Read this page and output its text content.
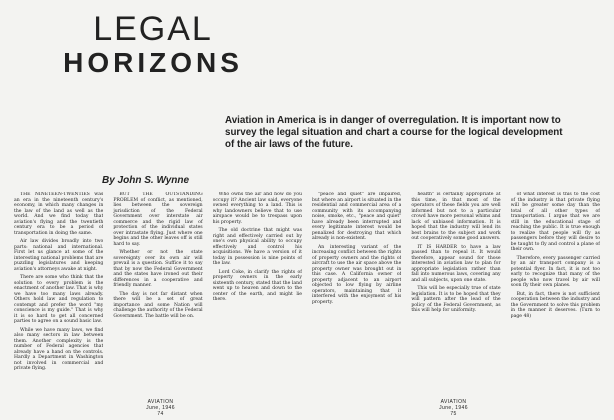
LEGAL
HORIZONS
Aviation in America is in danger of overregulation. It is important now to survey the legal situation and chart a course for the logical development of the air laws of the future.
By John S. Wynne

THE NINETEEN-TWENTIES was an era in the nineteenth century's economy, in which many changes in the law of the land as well as the world. And we find today that aviation's flying and the twentieth century era to be a period of transportation in doing the same.

Air law divides broadly into two parts: national and international. First let us glance at some of the interesting national problems that are puzzling legislatures and keeping aviation's attorneys awake at night.

There are some who think that the solution to every problem is the enactment of another law. That is why we have too many laws already. Others hold law and regulation to contempt and prefer the word "my conscience is my guide." That is why it is so hard to get all concerned parties to agree on a sound basic law.

While we have many laws, we find also many sectors in law between them. Another complexity is the number of Federal agencies that already have a hand on the controls. Hardly a Department in Washington not involved in commercial and private flying.

BUT THE OUTSTANDING PROBLEM of conflict, as mentioned, lies between the sovereign jurisdiction of the Federal Government over interstate air commerce and the rigid law of protection of the individual states over intrastate flying. Just where one begins and the other leaves off is still hard to say.

Whether or not the state sovereignty over its own air will prevail is a question. Suffice it to say that by now the Federal Government and the states have ironed out their differences in a cooperative and friendly manner.

The day is not far distant when there will be a set of great importance and some Nation will challenge the authority of the Federal Government. The battle will be on.

Who owns the air and how do you occupy it? Ancient law said, everyone owned everything to a land. This is why landowners believe that to use airspace would be to trespass upon his property.

The old doctrine that might was right and effectively carried out by one's own physical ability to occupy effectively and control his acquisitions. We have a version of it today in possession is nine points of the law.

Lord Coke, in clarify the rights of property owners in the early sixteenth century, stated that the land went up to heaven and down to the center of the earth, and might lie there.

"peace and quiet" are impaired, but where an airport is situated in the residential and commercial area of a community with its accompanying noise, smoke, etc., "peace and quiet" have already been interrupted and every legitimate interest would be penalized for destroying that which already is non-existent.

An interesting variant of the increasing conflict between the rights of property owners and the rights of aircraft to use the air space above the property owner was brought out in this case. A California owner of property adjacent to an airport objected to low flying by airline operators, maintaining that it interfered with the enjoyment of his property.

health" is certainly appropriate at this time, in that most of the operators of these fields you are well informed but not to a particular crowd have more personal whims and lack of unbiased information. It is hoped that the industry will lend its best brains to the subject and work out cooperatively some good answers.

IT IS HARDER to have a law passed than to repeal it. It would therefore, appear sound for those interested in aviation law to plan for appropriate legislation rather than fall into numerous laws, covering any and all subjects, upon one state.

This will be especially true of state legislation. It is to be hoped that they will pattern after the lead of the policy of the Federal Government, as this will help for uniformity.

of what interest is this to the cost of the industry is that private flying will be greater some day than the total of all other types of transportation. I argue that we are still in the educational stage of reaching the public. It is true enough to realize that people will fly as passengers before they will desire to be taught to fly and control a plane of their own.

Therefore, every passenger carried by an air transport company is a potential flyer. In fact, it is not too early to recognize that many of the people who now travel by air will soon fly their own planes.

But, in fact, there is not sufficient cooperation between the industry and the Government to solve this problem in the manner it deserves. (Turn to page 48)

AVIATION
June, 1946
74
AVIATION
June, 1946
75
